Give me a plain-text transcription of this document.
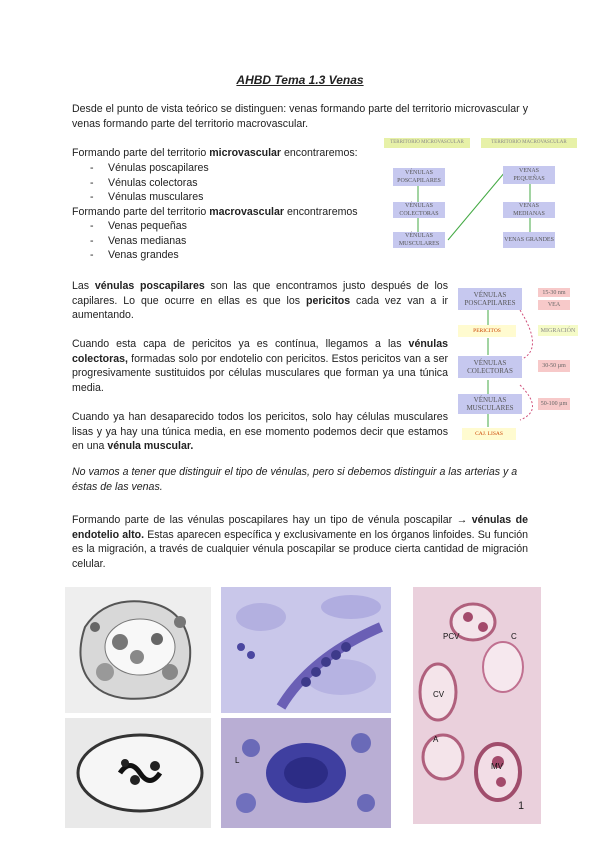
AHBD Tema 1.3 Venas
Desde el punto de vista teórico se distinguen: venas formando parte del territorio microvascular y venas formando parte del territorio macrovascular.
Formando parte del territorio microvascular encontraremos:
- Vénulas poscapilares
- Vénulas colectoras
- Vénulas musculares
Formando parte del territorio macrovascular encontraremos
- Venas pequeñas
- Venas medianas
- Venas grandes
TERRITORIO MICROVASCULAR	TERRITORIO MACROVASCULAR
VÉNULAS POSCAPILARES
VÉNULAS COLECTORAS
VÉNULAS MUSCULARES
VENAS PEQUEÑAS
VENAS MEDIANAS
VENAS GRANDES
Las vénulas poscapilares son las que encontramos justo después de los capilares. Lo que ocurre en ellas es que los pericitos cada vez van a ir aumentando.
Cuando esta capa de pericitos ya es contínua, llegamos a las vénulas colectoras, formadas solo por endotelio con pericitos. Estos pericitos van a ser progresivamente sustituidos por células musculares que forman ya una túnica media.
Cuando ya han desaparecido todos los pericitos, solo hay células musculares lisas y ya hay una túnica media, en ese momento podemos decir que estamos en una vénula muscular.
VÉNULAS POSCAPILARES
PERICITOS
VÉNULAS COLECTORAS
VÉNULAS MUSCULARES
CAJ. LISAS
15-30 nm
VEA
MIGRACIÓN
30-50 µm
50-100 µm
No vamos a tener que distinguir el tipo de vénulas, pero si debemos distinguir a las arterias y a éstas de las venas.
Formando parte de las vénulas poscapilares hay un tipo de vénula poscapilar → vénulas de endotelio alto. Estas aparecen específica y exclusivamente en los órganos linfoides. Su función es la migración, a través de cualquier vénula poscapilar se produce cierta cantidad de migración celular.
PCV	C
CV
A
MV
L
1
